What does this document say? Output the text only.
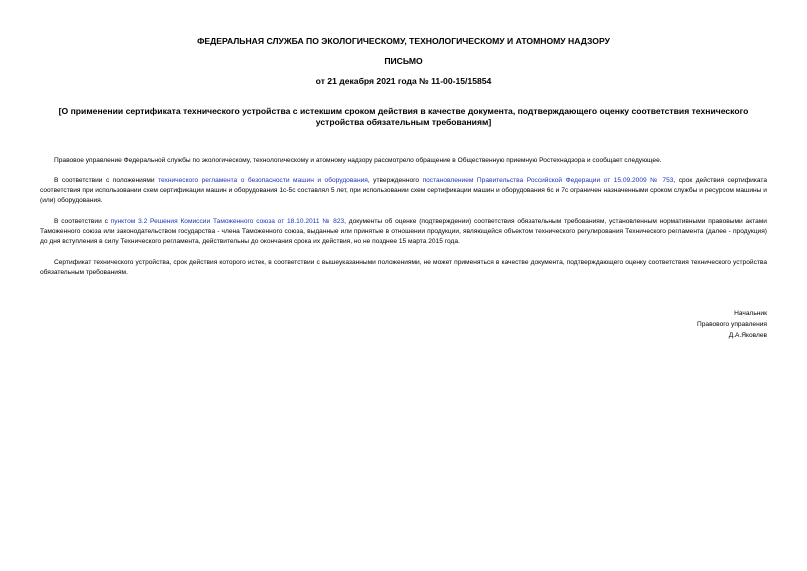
ФЕДЕРАЛЬНАЯ СЛУЖБА ПО ЭКОЛОГИЧЕСКОМУ, ТЕХНОЛОГИЧЕСКОМУ И АТОМНОМУ НАДЗОРУ
ПИСЬМО
от 21 декабря 2021 года № 11-00-15/15854
[О применении сертификата технического устройства с истекшим сроком действия в качестве документа, подтверждающего оценку соответствия технического устройства обязательным требованиям]

Правовое управление Федеральной службы по экологическому, технологическому и атомному надзору рассмотрело обращение в Общественную приемную Ростехнадзора и сообщает следующее.

В соответствии с положениями технического регламента о безопасности машин и оборудования, утвержденного постановлением Правительства Российской Федерации от 15.09.2009 № 753, срок действия сертификата соответствия при использовании схем сертификации машин и оборудования 1с-5с составлял 5 лет, при использовании схем сертификации машин и оборудования 6с и 7с ограничен назначенными сроком службы и ресурсом машины и (или) оборудования.

В соответствии с пунктом 3.2 Решения Комиссии Таможенного союза от 18.10.2011 № 823, документы об оценке (подтверждении) соответствия обязательным требованиям, установленным нормативными правовыми актами Таможенного союза или законодательством государства - члена Таможенного союза, выданные или принятые в отношении продукции, являющейся объектом технического регулирования Технического регламента (далее - продукция) до дня вступления в силу Технического регламента, действительны до окончания срока их действия, но не позднее 15 марта 2015 года.

Сертификат технического устройства, срок действия которого истек, в соответствии с вышеуказанными положениями, не может применяться в качестве документа, подтверждающего оценку соответствия технического устройства обязательным требованиям.

Начальник
Правового управления
Д.А.Яковлев
